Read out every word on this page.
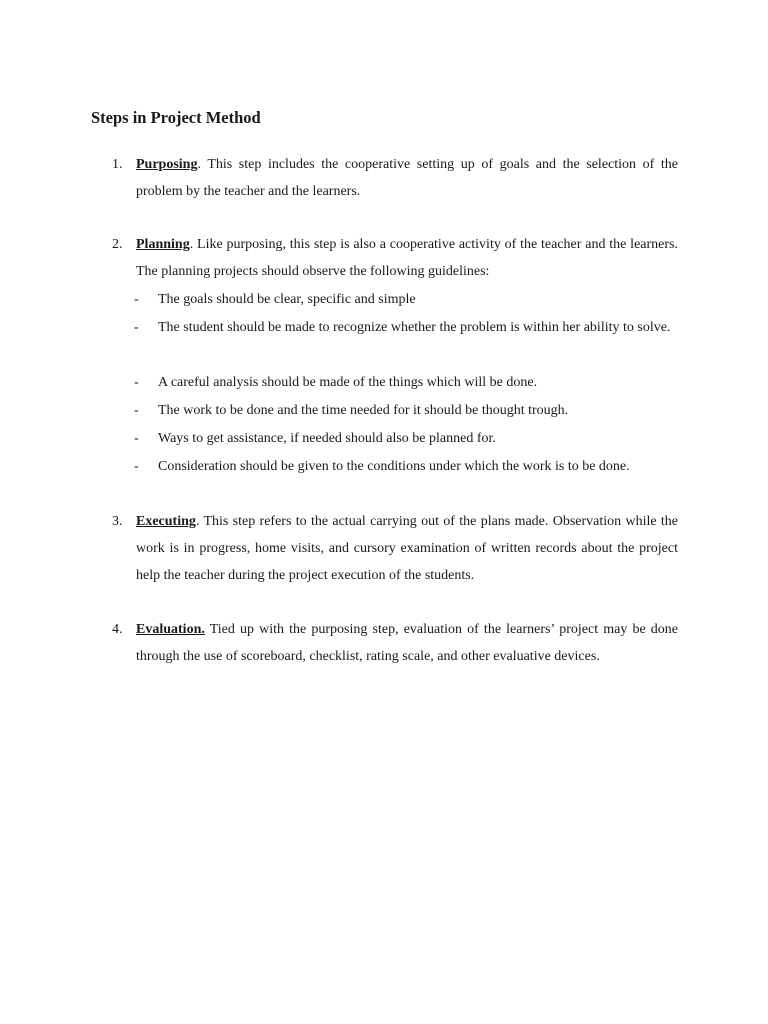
Steps in Project Method
1. Purposing. This step includes the cooperative setting up of goals and the selection of the problem by the teacher and the learners.
2. Planning. Like purposing, this step is also a cooperative activity of the teacher and the learners. The planning projects should observe the following guidelines:
- The goals should be clear, specific and simple
- The student should be made to recognize whether the problem is within her ability to solve.
- A careful analysis should be made of the things which will be done.
- The work to be done and the time needed for it should be thought trough.
- Ways to get assistance, if needed should also be planned for.
- Consideration should be given to the conditions under which the work is to be done.
3. Executing. This step refers to the actual carrying out of the plans made. Observation while the work is in progress, home visits, and cursory examination of written records about the project help the teacher during the project execution of the students.
4. Evaluation. Tied up with the purposing step, evaluation of the learners’ project may be done through the use of scoreboard, checklist, rating scale, and other evaluative devices.
